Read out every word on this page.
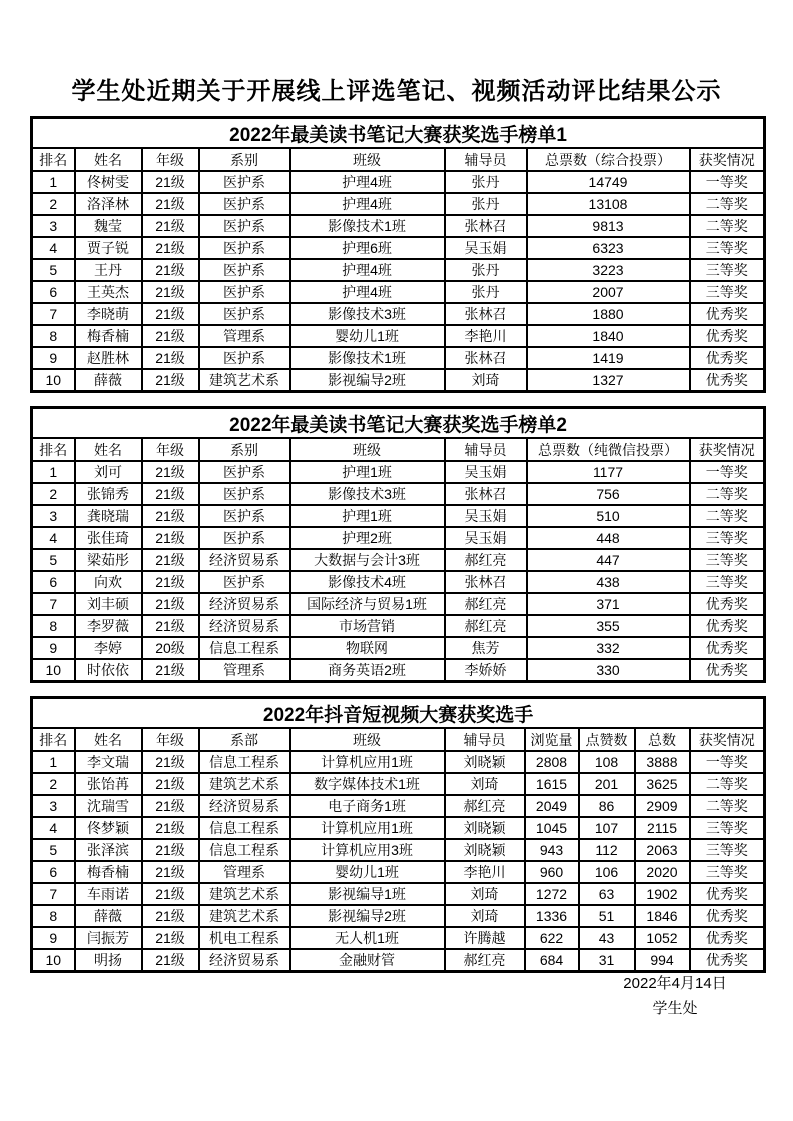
学生处近期关于开展线上评选笔记、视频活动评比结果公示
2022年最美读书笔记大赛获奖选手榜单1							
排名	姓名	年级	系别	班级	辅导员	总票数（综合投票）	获奖情况
1	佟树雯	21级	医护系	护理4班	张丹	14749	一等奖
2	洛泽林	21级	医护系	护理4班	张丹	13108	二等奖
3	魏莹	21级	医护系	影像技术1班	张林召	9813	二等奖
4	贾子锐	21级	医护系	护理6班	吴玉娟	6323	三等奖
5	王丹	21级	医护系	护理4班	张丹	3223	三等奖
6	王英杰	21级	医护系	护理4班	张丹	2007	三等奖
7	李晓萌	21级	医护系	影像技术3班	张林召	1880	优秀奖
8	梅香楠	21级	管理系	婴幼儿1班	李艳川	1840	优秀奖
9	赵胜林	21级	医护系	影像技术1班	张林召	1419	优秀奖
10	薛薇	21级	建筑艺术系	影视编导2班	刘琦	1327	优秀奖
2022年最美读书笔记大赛获奖选手榜单2							
排名	姓名	年级	系别	班级	辅导员	总票数（纯微信投票）	获奖情况
1	刘可	21级	医护系	护理1班	吴玉娟	1177	一等奖
2	张锦秀	21级	医护系	影像技术3班	张林召	756	二等奖
3	龚晓瑞	21级	医护系	护理1班	吴玉娟	510	二等奖
4	张佳琦	21级	医护系	护理2班	吴玉娟	448	三等奖
5	梁茹彤	21级	经济贸易系	大数据与会计3班	郝红亮	447	三等奖
6	向欢	21级	医护系	影像技术4班	张林召	438	三等奖
7	刘丰硕	21级	经济贸易系	国际经济与贸易1班	郝红亮	371	优秀奖
8	李罗薇	21级	经济贸易系	市场营销	郝红亮	355	优秀奖
9	李婷	20级	信息工程系	物联网	焦芳	332	优秀奖
10	时依依	21级	管理系	商务英语2班	李娇娇	330	优秀奖
2022年抖音短视频大赛获奖选手									
排名	姓名	年级	系部	班级	辅导员	浏览量	点赞数	总数	获奖情况
1	李文瑞	21级	信息工程系	计算机应用1班	刘晓颖	2808	108	3888	一等奖
2	张饴苒	21级	建筑艺术系	数字媒体技术1班	刘琦	1615	201	3625	二等奖
3	沈瑞雪	21级	经济贸易系	电子商务1班	郝红亮	2049	86	2909	二等奖
4	佟梦颖	21级	信息工程系	计算机应用1班	刘晓颖	1045	107	2115	三等奖
5	张泽滨	21级	信息工程系	计算机应用3班	刘晓颖	943	112	2063	三等奖
6	梅香楠	21级	管理系	婴幼儿1班	李艳川	960	106	2020	三等奖
7	车雨诺	21级	建筑艺术系	影视编导1班	刘琦	1272	63	1902	优秀奖
8	薛薇	21级	建筑艺术系	影视编导2班	刘琦	1336	51	1846	优秀奖
9	闫振芳	21级	机电工程系	无人机1班	许腾越	622	43	1052	优秀奖
10	明扬	21级	经济贸易系	金融财管	郝红亮	684	31	994	优秀奖
2022年4月14日
学生处
